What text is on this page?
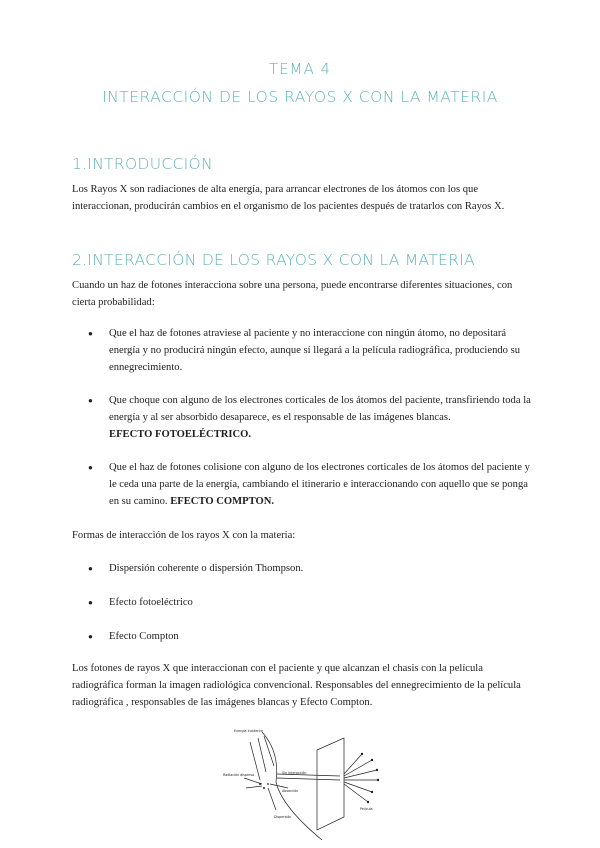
TEMA 4
INTERACCIÓN DE LOS RAYOS X CON LA MATERIA
1.INTRODUCCIÓN
Los Rayos X son radiaciones de alta energía, para arrancar electrones de los átomos con los que interaccionan, producirán cambios en el organismo de los pacientes después de tratarlos con Rayos X.
2.INTERACCIÓN DE LOS RAYOS X CON LA MATERIA
Cuando un haz de fotones interacciona sobre una persona, puede encontrarse diferentes situaciones, con cierta probabilidad:
● Que el haz de fotones atraviese al paciente y no interaccione con ningún átomo, no depositará energía y no producirá ningún efecto, aunque sí llegará a la película radiográfica, produciendo su ennegrecimiento.
● Que choque con alguno de los electrones corticales de los átomos del paciente, transfiriendo toda la energía y al ser absorbido desaparece, es el responsable de las imágenes blancas.
EFECTO FOTOELÉCTRICO.
● Que el haz de fotones colisione con alguno de los electrones corticales de los átomos del paciente y le ceda una parte de la energía, cambiando el itinerario e interaccionando con aquello que se ponga en su camino. EFECTO COMPTON.
Formas de interacción de los rayos X con la materia:
● Dispersión coherente o dispersión Thompson.
● Efecto fotoeléctrico
● Efecto Compton
Los fotones de rayos X que interaccionan con el paciente y que alcanzan el chasis con la película radiográfica forman la imagen radiológica convencional. Responsables del ennegrecimiento de la película radiográfica , responsables de las imágenes blancas y Efecto Compton.
Energía incidente
Radiación dispersa	Sin interacción
Absorción
Dispersión
Película
